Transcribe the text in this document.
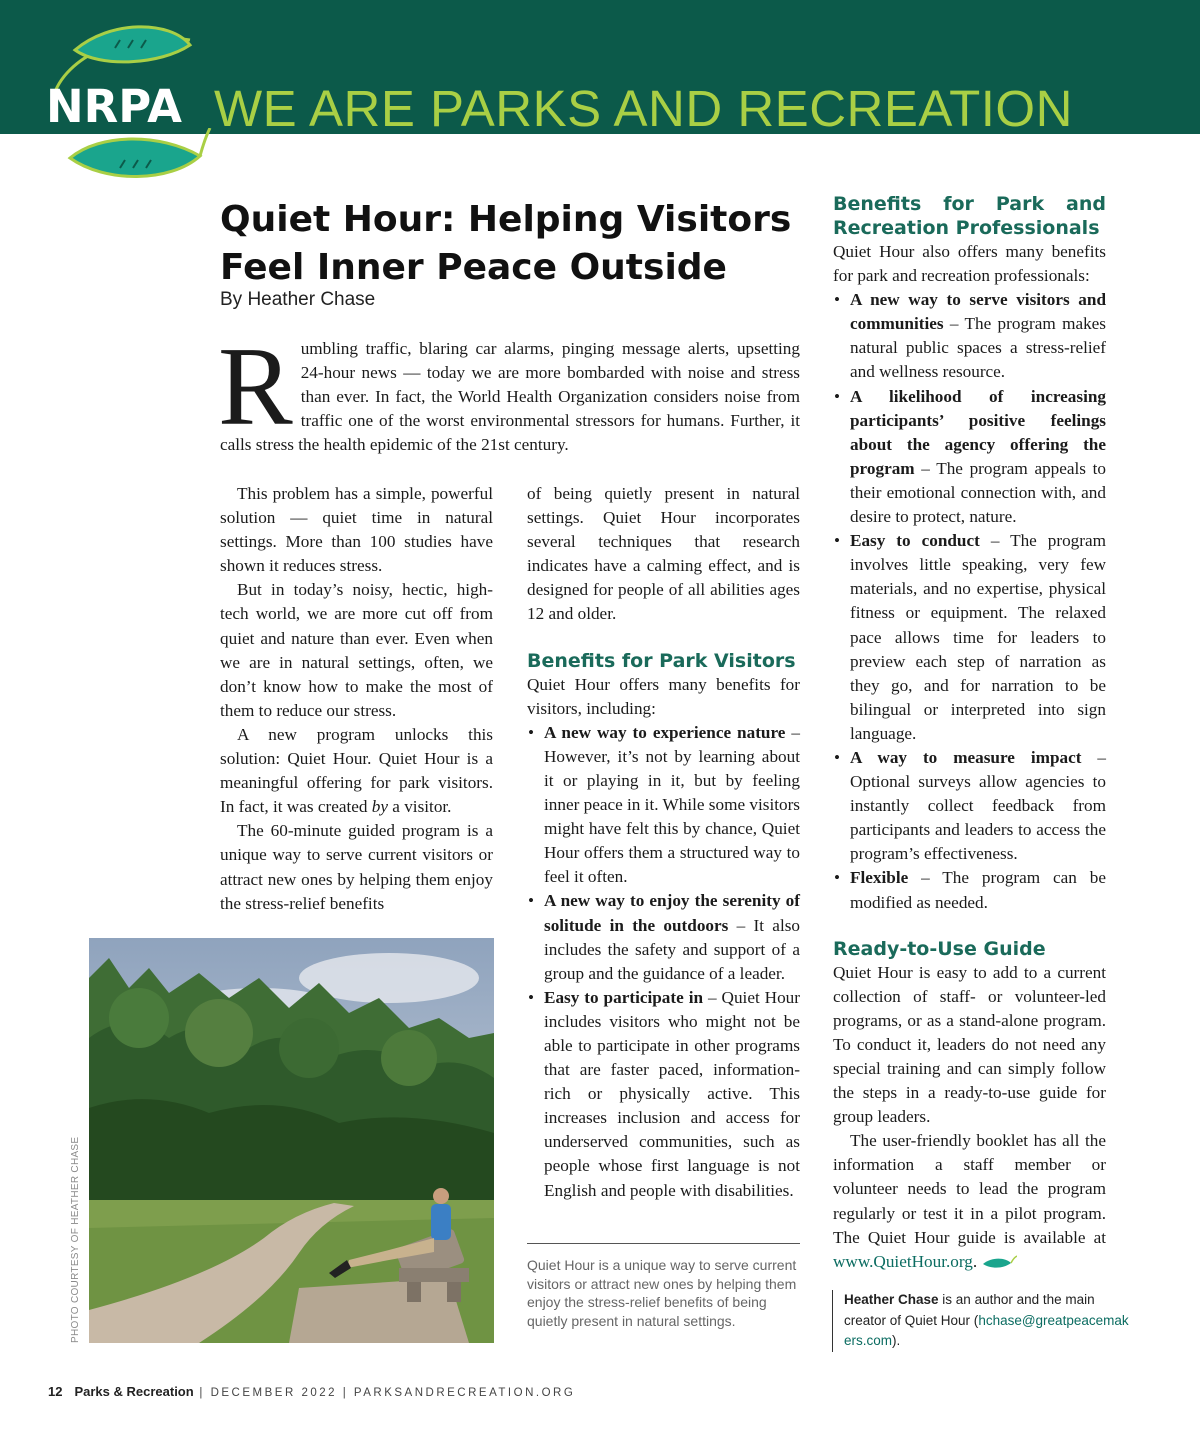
NRPA WE ARE PARKS AND RECREATION
Quiet Hour: Helping Visitors Feel Inner Peace Outside
By Heather Chase
R umbling traffic, blaring car alarms, pinging message alerts, upsetting 24-hour news — today we are more bombarded with noise and stress than ever. In fact, the World Health Organization considers noise from traffic one of the worst environmental stressors for humans. Further, it calls stress the health epidemic of the 21st century.

This problem has a simple, powerful solution — quiet time in natural settings. More than 100 studies have shown it reduces stress.

But in today’s noisy, hectic, high-tech world, we are more cut off from quiet and nature than ever. Even when we are in natural settings, often, we don’t know how to make the most of them to reduce our stress.

A new program unlocks this solution: Quiet Hour. Quiet Hour is a meaningful offering for park visitors. In fact, it was created by a visitor.

The 60-minute guided program is a unique way to serve current visitors or attract new ones by helping them enjoy the stress-relief benefits

of being quietly present in natural settings. Quiet Hour incorporates several techniques that research indicates have a calming effect, and is designed for people of all abilities ages 12 and older.

Benefits for Park Visitors

Quiet Hour offers many benefits for visitors, including:

• A new way to experience nature – However, it’s not by learning about it or playing in it, but by feeling inner peace in it. While some visitors might have felt this by chance, Quiet Hour offers them a structured way to feel it often.
• A new way to enjoy the serenity of solitude in the outdoors – It also includes the safety and support of a group and the guidance of a leader.
• Easy to participate in – Quiet Hour includes visitors who might not be able to participate in other programs that are faster paced, information-rich or physically active. This increases inclusion and access for underserved communities, such as people whose first language is not English and people with disabilities.
Benefits for Park and Recreation Professionals

Quiet Hour also offers many benefits for park and recreation professionals:

• A new way to serve visitors and communities – The program makes natural public spaces a stress-relief and wellness resource.
• A likelihood of increasing participants’ positive feelings about the agency offering the program – The program appeals to their emotional connection with, and desire to protect, nature.
• Easy to conduct – The program involves little speaking, very few materials, and no expertise, physical fitness or equipment. The relaxed pace allows time for leaders to preview each step of narration as they go, and for narration to be bilingual or interpreted into sign language.
• A way to measure impact – Optional surveys allow agencies to instantly collect feedback from participants and leaders to access the program’s effectiveness.
• Flexible – The program can be modified as needed.
Ready-to-Use Guide

Quiet Hour is easy to add to a current collection of staff- or volunteer-led programs, or as a stand-alone program. To conduct it, leaders do not need any special training and can simply follow the steps in a ready-to-use guide for group leaders.

The user-friendly booklet has all the information a staff member or volunteer needs to lead the program regularly or test it in a pilot program. The Quiet Hour guide is available at www.QuietHour.org.

PHOTO COURTESY OF HEATHER CHASE	Quiet Hour is a unique way to serve current visitors or attract new ones by helping them enjoy the stress-relief benefits of being quietly present in natural settings.
Heather Chase is an author and the main creator of Quiet Hour (hchase@greatpeacemakers.com).
12 Parks & Recreation | DECEMBER 2022 | PARKSANDRECREATION.ORG
